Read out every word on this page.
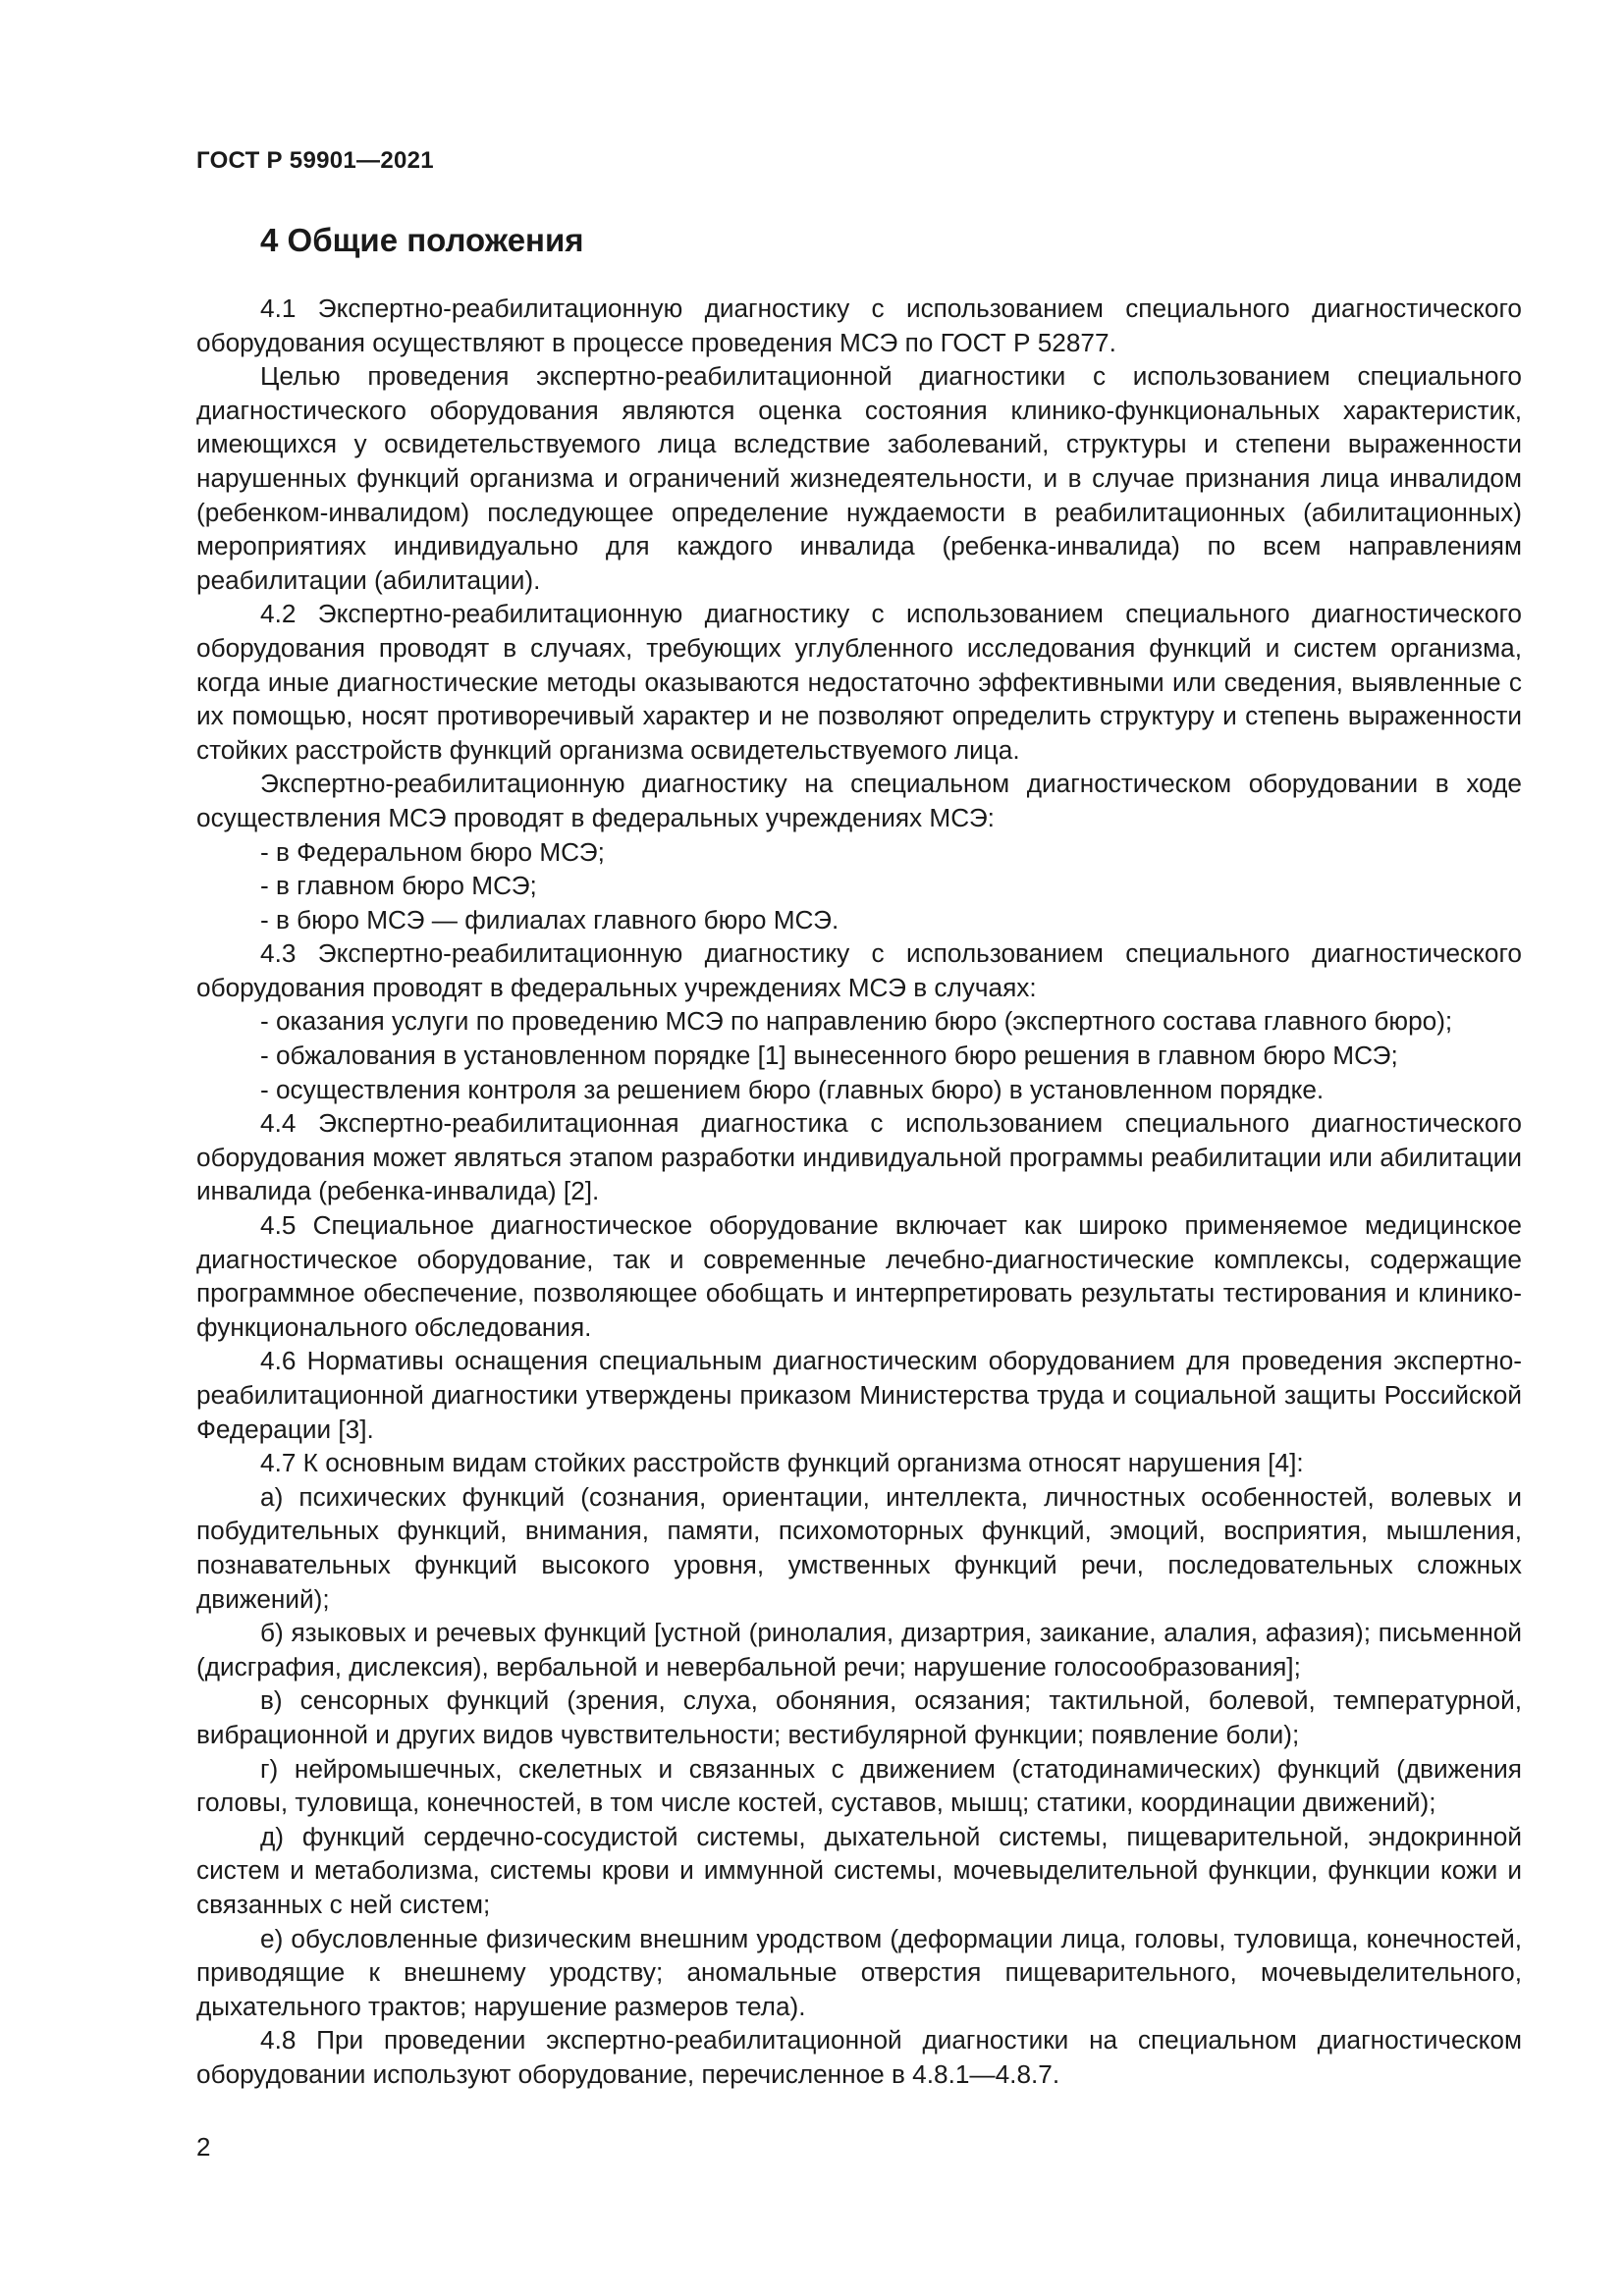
ГОСТ Р 59901—2021
4 Общие положения

4.1 Экспертно-реабилитационную диагностику с использованием специального диагностического оборудования осуществляют в процессе проведения МСЭ по ГОСТ Р 52877.

Целью проведения экспертно-реабилитационной диагностики с использованием специального диагностического оборудования являются оценка состояния клинико-функциональных характеристик, имеющихся у освидетельствуемого лица вследствие заболеваний, структуры и степени выраженности нарушенных функций организма и ограничений жизнедеятельности, и в случае признания лица инвалидом (ребенком-инвалидом) последующее определение нуждаемости в реабилитационных (абилитационных) мероприятиях индивидуально для каждого инвалида (ребенка-инвалида) по всем направлениям реабилитации (абилитации).

4.2 Экспертно-реабилитационную диагностику с использованием специального диагностического оборудования проводят в случаях, требующих углубленного исследования функций и систем организма, когда иные диагностические методы оказываются недостаточно эффективными или сведения, выявленные с их помощью, носят противоречивый характер и не позволяют определить структуру и степень выраженности стойких расстройств функций организма освидетельствуемого лица.

Экспертно-реабилитационную диагностику на специальном диагностическом оборудовании в ходе осуществления МСЭ проводят в федеральных учреждениях МСЭ:

- в Федеральном бюро МСЭ;

- в главном бюро МСЭ;

- в бюро МСЭ — филиалах главного бюро МСЭ.

4.3 Экспертно-реабилитационную диагностику с использованием специального диагностического оборудования проводят в федеральных учреждениях МСЭ в случаях:

- оказания услуги по проведению МСЭ по направлению бюро (экспертного состава главного бюро);

- обжалования в установленном порядке [1] вынесенного бюро решения в главном бюро МСЭ;

- осуществления контроля за решением бюро (главных бюро) в установленном порядке.

4.4 Экспертно-реабилитационная диагностика с использованием специального диагностического оборудования может являться этапом разработки индивидуальной программы реабилитации или абилитации инвалида (ребенка-инвалида) [2].

4.5 Специальное диагностическое оборудование включает как широко применяемое медицинское диагностическое оборудование, так и современные лечебно-диагностические комплексы, содержащие программное обеспечение, позволяющее обобщать и интерпретировать результаты тестирования и клинико-функционального обследования.

4.6 Нормативы оснащения специальным диагностическим оборудованием для проведения экспертно-реабилитационной диагностики утверждены приказом Министерства труда и социальной защиты Российской Федерации [3].

4.7 К основным видам стойких расстройств функций организма относят нарушения [4]:

а) психических функций (сознания, ориентации, интеллекта, личностных особенностей, волевых и побудительных функций, внимания, памяти, психомоторных функций, эмоций, восприятия, мышления, познавательных функций высокого уровня, умственных функций речи, последовательных сложных движений);

б) языковых и речевых функций [устной (ринолалия, дизартрия, заикание, алалия, афазия); письменной (дисграфия, дислексия), вербальной и невербальной речи; нарушение голосообразования];

в) сенсорных функций (зрения, слуха, обоняния, осязания; тактильной, болевой, температурной, вибрационной и других видов чувствительности; вестибулярной функции; появление боли);

г) нейромышечных, скелетных и связанных с движением (статодинамических) функций (движения головы, туловища, конечностей, в том числе костей, суставов, мышц; статики, координации движений);

д) функций сердечно-сосудистой системы, дыхательной системы, пищеварительной, эндокринной систем и метаболизма, системы крови и иммунной системы, мочевыделительной функции, функции кожи и связанных с ней систем;

е) обусловленные физическим внешним уродством (деформации лица, головы, туловища, конечностей, приводящие к внешнему уродству; аномальные отверстия пищеварительного, мочевыделительного, дыхательного трактов; нарушение размеров тела).

4.8 При проведении экспертно-реабилитационной диагностики на специальном диагностическом оборудовании используют оборудование, перечисленное в 4.8.1—4.8.7.

2
